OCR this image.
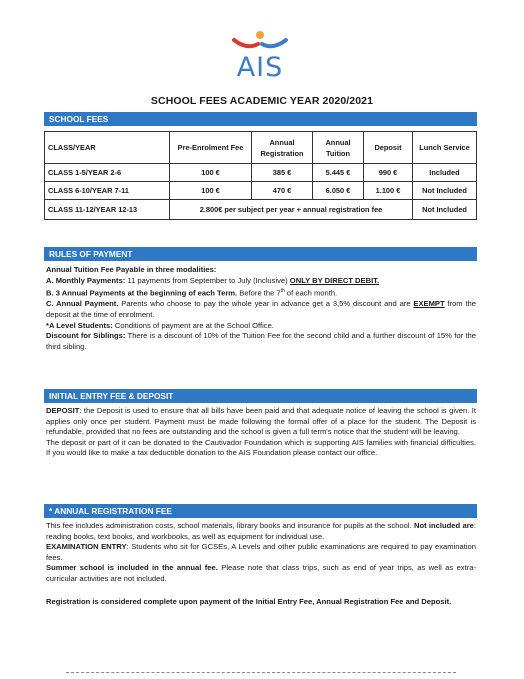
AIS
SCHOOL FEES ACADEMIC YEAR 2020/2021
SCHOOL FEES
CLASS/YEAR	Pre-Enrolment Fee	Annual Registration	Annual Tuition	Deposit	Lunch Service
CLASS 1-5/YEAR 2-6	100 €	385 €	5.445 €	990 €	Included
CLASS 6-10/YEAR 7-11	100 €	470 €	6.050 €	1.100 €	Not Included
CLASS 11-12/YEAR 12-13	2.800€ per subject per year + annual registration fee				Not Included
RULES OF PAYMENT

Annual Tuition Fee Payable in three modalities:

A. Monthly Payments: 11 payments from September to July (Inclusive) ONLY BY DIRECT DEBIT.

B. 3 Annual Payments at the beginning of each Term. Before the 7th of each month.

C. Annual Payment. Parents who choose to pay the whole year in advance get a 3,5% discount and are EXEMPT from the deposit at the time of enrolment.

*A Level Students: Conditions of payment are at the School Office.

Discount for Siblings: There is a discount of 10% of the Tuition Fee for the second child and a further discount of 15% for the third sibling.

INITIAL ENTRY FEE & DEPOSIT

DEPOSIT: the Deposit is used to ensure that all bills have been paid and that adequate notice of leaving the school is given. It applies only once per student. Payment must be made following the formal offer of a place for the student. The Deposit is refundable, provided that no fees are outstanding and the school is given a full term's notice that the student will be leaving.

The deposit or part of it can be donated to the Cautivador Foundation which is supporting AIS families with financial difficulties. If you would like to make a tax deductible donation to the AIS Foundation please contact our office.

* ANNUAL REGISTRATION FEE

This fee includes administration costs, school materials, library books and insurance for pupils at the school. Not included are: reading books, text books, and workbooks, as well as equipment for individual use.

EXAMINATION ENTRY: Students who sit for GCSEs, A Levels and other public examinations are required to pay examination fees.

Summer school is included in the annual fee. Please note that class trips, such as end of year trips, as well as extra-curricular activities are not included.

Registration is considered complete upon payment of the Initial Entry Fee, Annual Registration Fee and Deposit.
